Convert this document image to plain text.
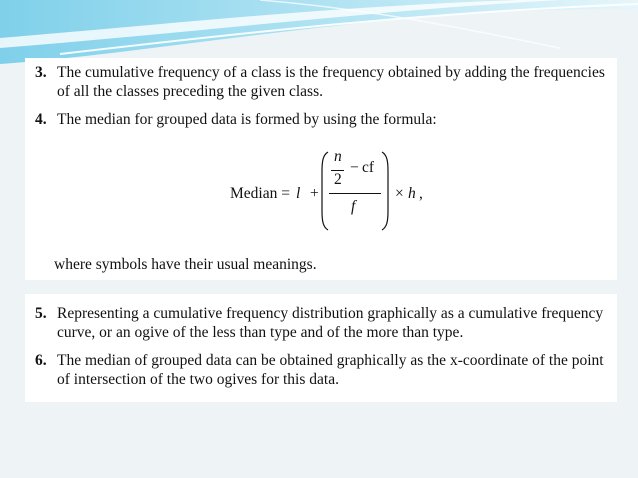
3. The cumulative frequency of a class is the frequency obtained by adding the frequencies of all the classes preceding the given class.
4. The median for grouped data is formed by using the formula:
Median = l +
n
2
− cf
f
× h ,
where symbols have their usual meanings.
5. Representing a cumulative frequency distribution graphically as a cumulative frequency curve, or an ogive of the less than type and of the more than type.
6. The median of grouped data can be obtained graphically as the x-coordinate of the point of intersection of the two ogives for this data.
